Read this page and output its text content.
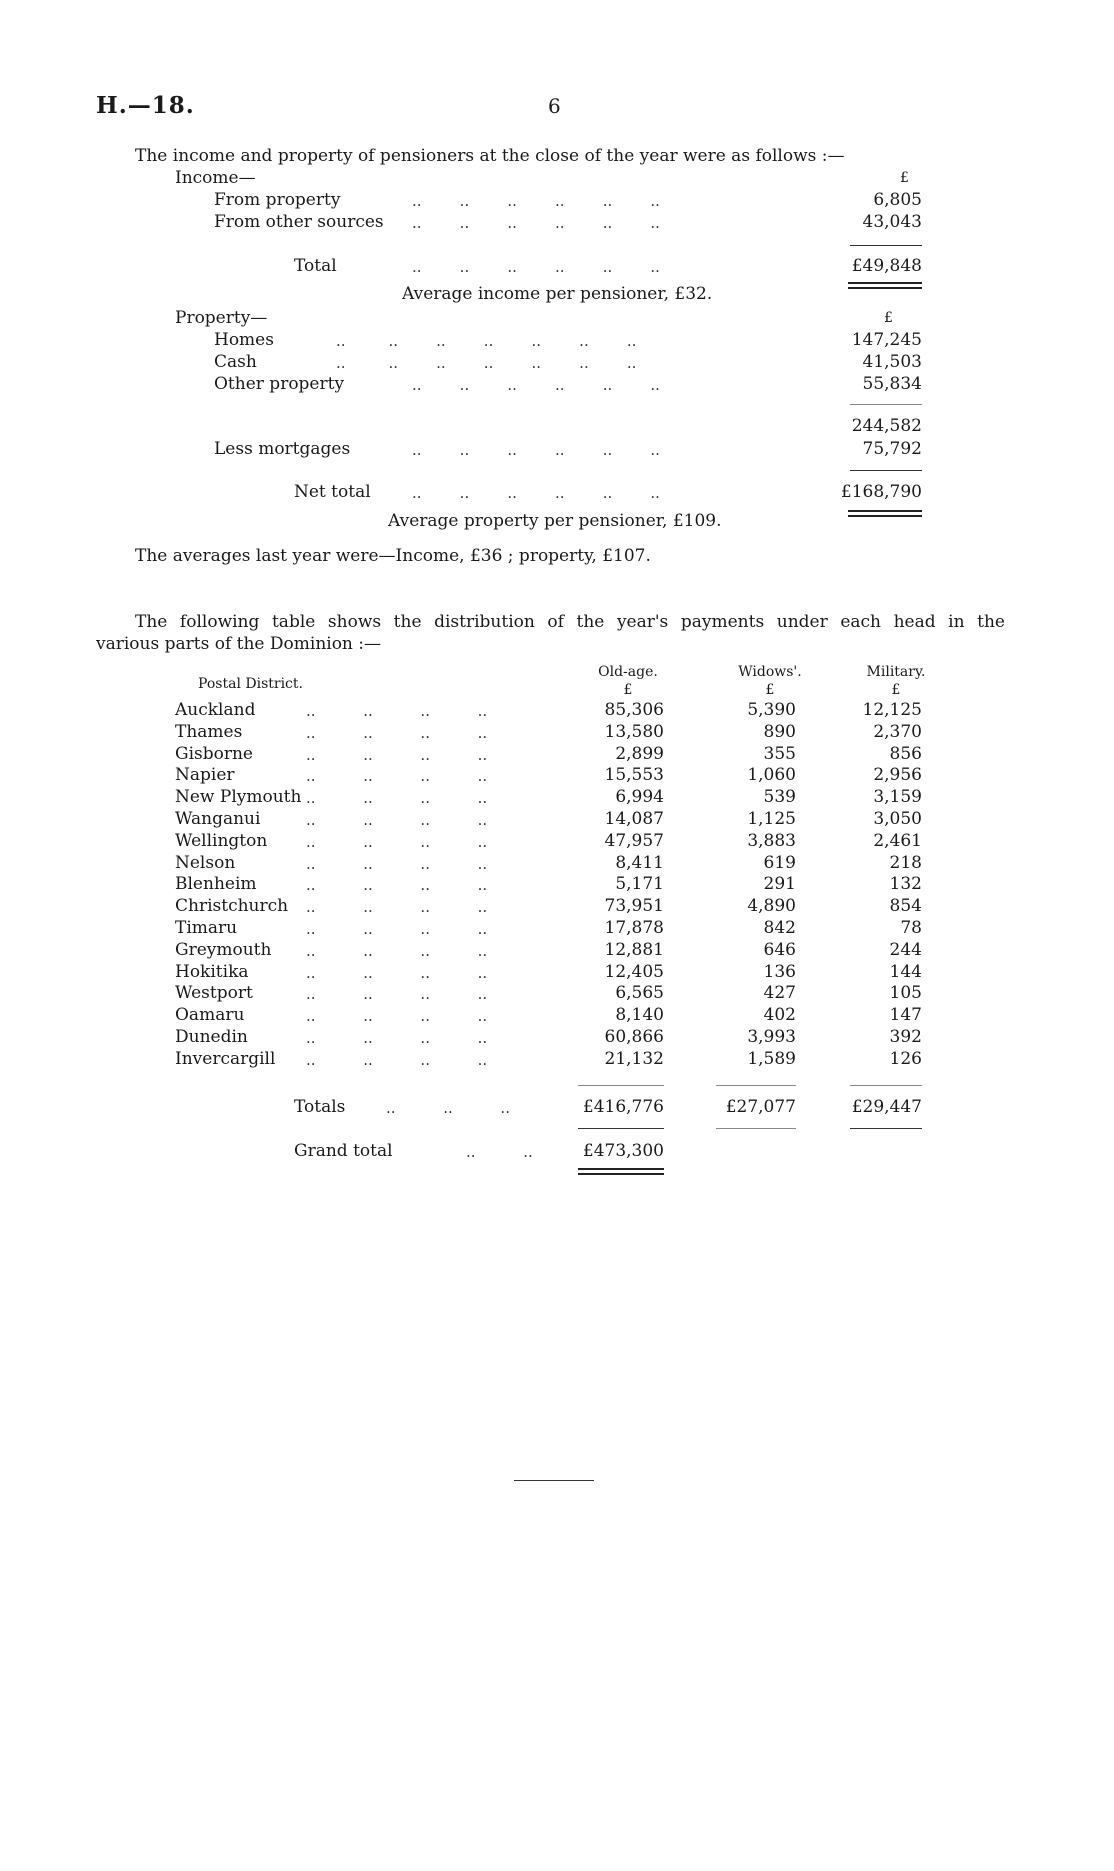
H.—18.	6
The income and property of pensioners at the close of the year were as follows :—
Income—	£
From property	..        ..        ..        ..        ..        ..	6,805
From other sources ..        ..        ..        ..        ..        ..	43,043
Total	..        ..        ..        ..        ..        ..	£49,848
Average income per pensioner, £32.
Property—	£
Homes	..         ..        ..        ..        ..        ..        ..	147,245
Cash	..         ..        ..        ..        ..        ..        ..	41,503
Other property	..        ..        ..        ..        ..        ..	55,834
244,582
Less mortgages	..        ..        ..        ..        ..        ..	75,792
Net total	..        ..        ..        ..        ..        ..	£168,790
Average property per pensioner, £109.
The averages last year were—Income, £36 ; property, £107.
The following table shows the distribution of the year's payments under each head in the
various parts of the Dominion :—
Postal District.
Old-age.	Widows'.	Military.
£	£	£
Auckland	85,306	5,390	12,125
..          ..          ..          ..
Thames	13,580	890	2,370
..          ..          ..          ..
Gisborne	2,899	355	856
..          ..          ..          ..
Napier	15,553	1,060	2,956
..          ..          ..          ..
New Plymouth	6,994	539	3,159
..          ..          ..          ..
Wanganui	14,087	1,125	3,050
..          ..          ..          ..
Wellington	47,957	3,883	2,461
..          ..          ..          ..
Nelson	8,411	619	218
..          ..          ..          ..
Blenheim	5,171	291	132
..          ..          ..          ..
Christchurch	73,951	4,890	854
..          ..          ..          ..
Timaru	17,878	842	78
..          ..          ..          ..
Greymouth	12,881	646	244
..          ..          ..          ..
Hokitika	12,405	136	144
..          ..          ..          ..
Westport	6,565	427	105
..          ..          ..          ..
Oamaru	8,140	402	147
..          ..          ..          ..
Dunedin	60,866	3,993	392
..          ..          ..          ..
Invercargill	21,132	1,589	126
..          ..          ..          ..
Totals	..          ..          ..	£416,776	£27,077	£29,447
Grand total	..          ..	£473,300
